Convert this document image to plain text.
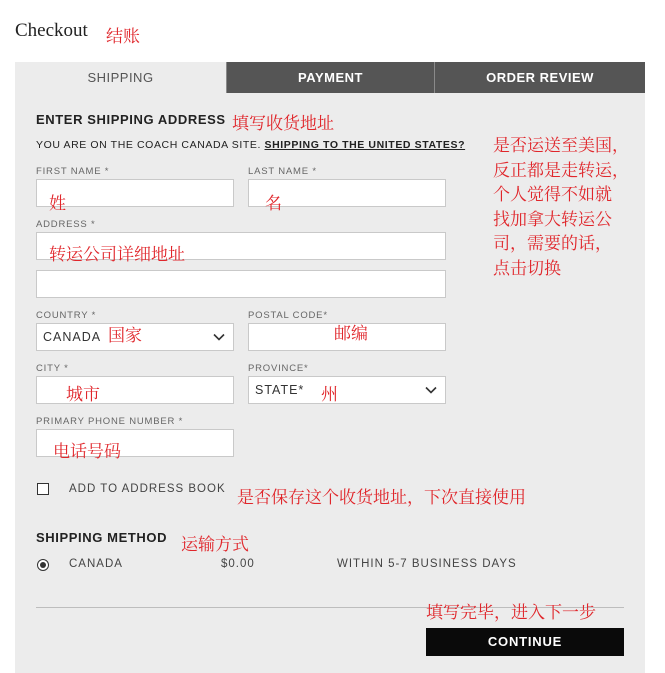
Checkout 结账
SHIPPING	PAYMENT	ORDER REVIEW
ENTER SHIPPING ADDRESS 填写收货地址
YOU ARE ON THE COACH CANADA SITE. SHIPPING TO THE UNITED STATES? 是否运送至美国，
反正都是走转运，
个人觉得不如就
找加拿大转运公
司，需要的话，
点击切换
FIRST NAME *
姓
LAST NAME *
名
ADDRESS *
转运公司详细地址
COUNTRY *
CANADA 国家
POSTAL CODE*
邮编
CITY *
城市
PROVINCE*
STATE* 州
PRIMARY PHONE NUMBER *
电话号码
ADD TO ADDRESS BOOK 是否保存这个收货地址，下次直接使用
SHIPPING METHOD 运输方式
CANADA	$0.00	WITHIN 5-7 BUSINESS DAYS
填写完毕，进入下一步
CONTINUE
